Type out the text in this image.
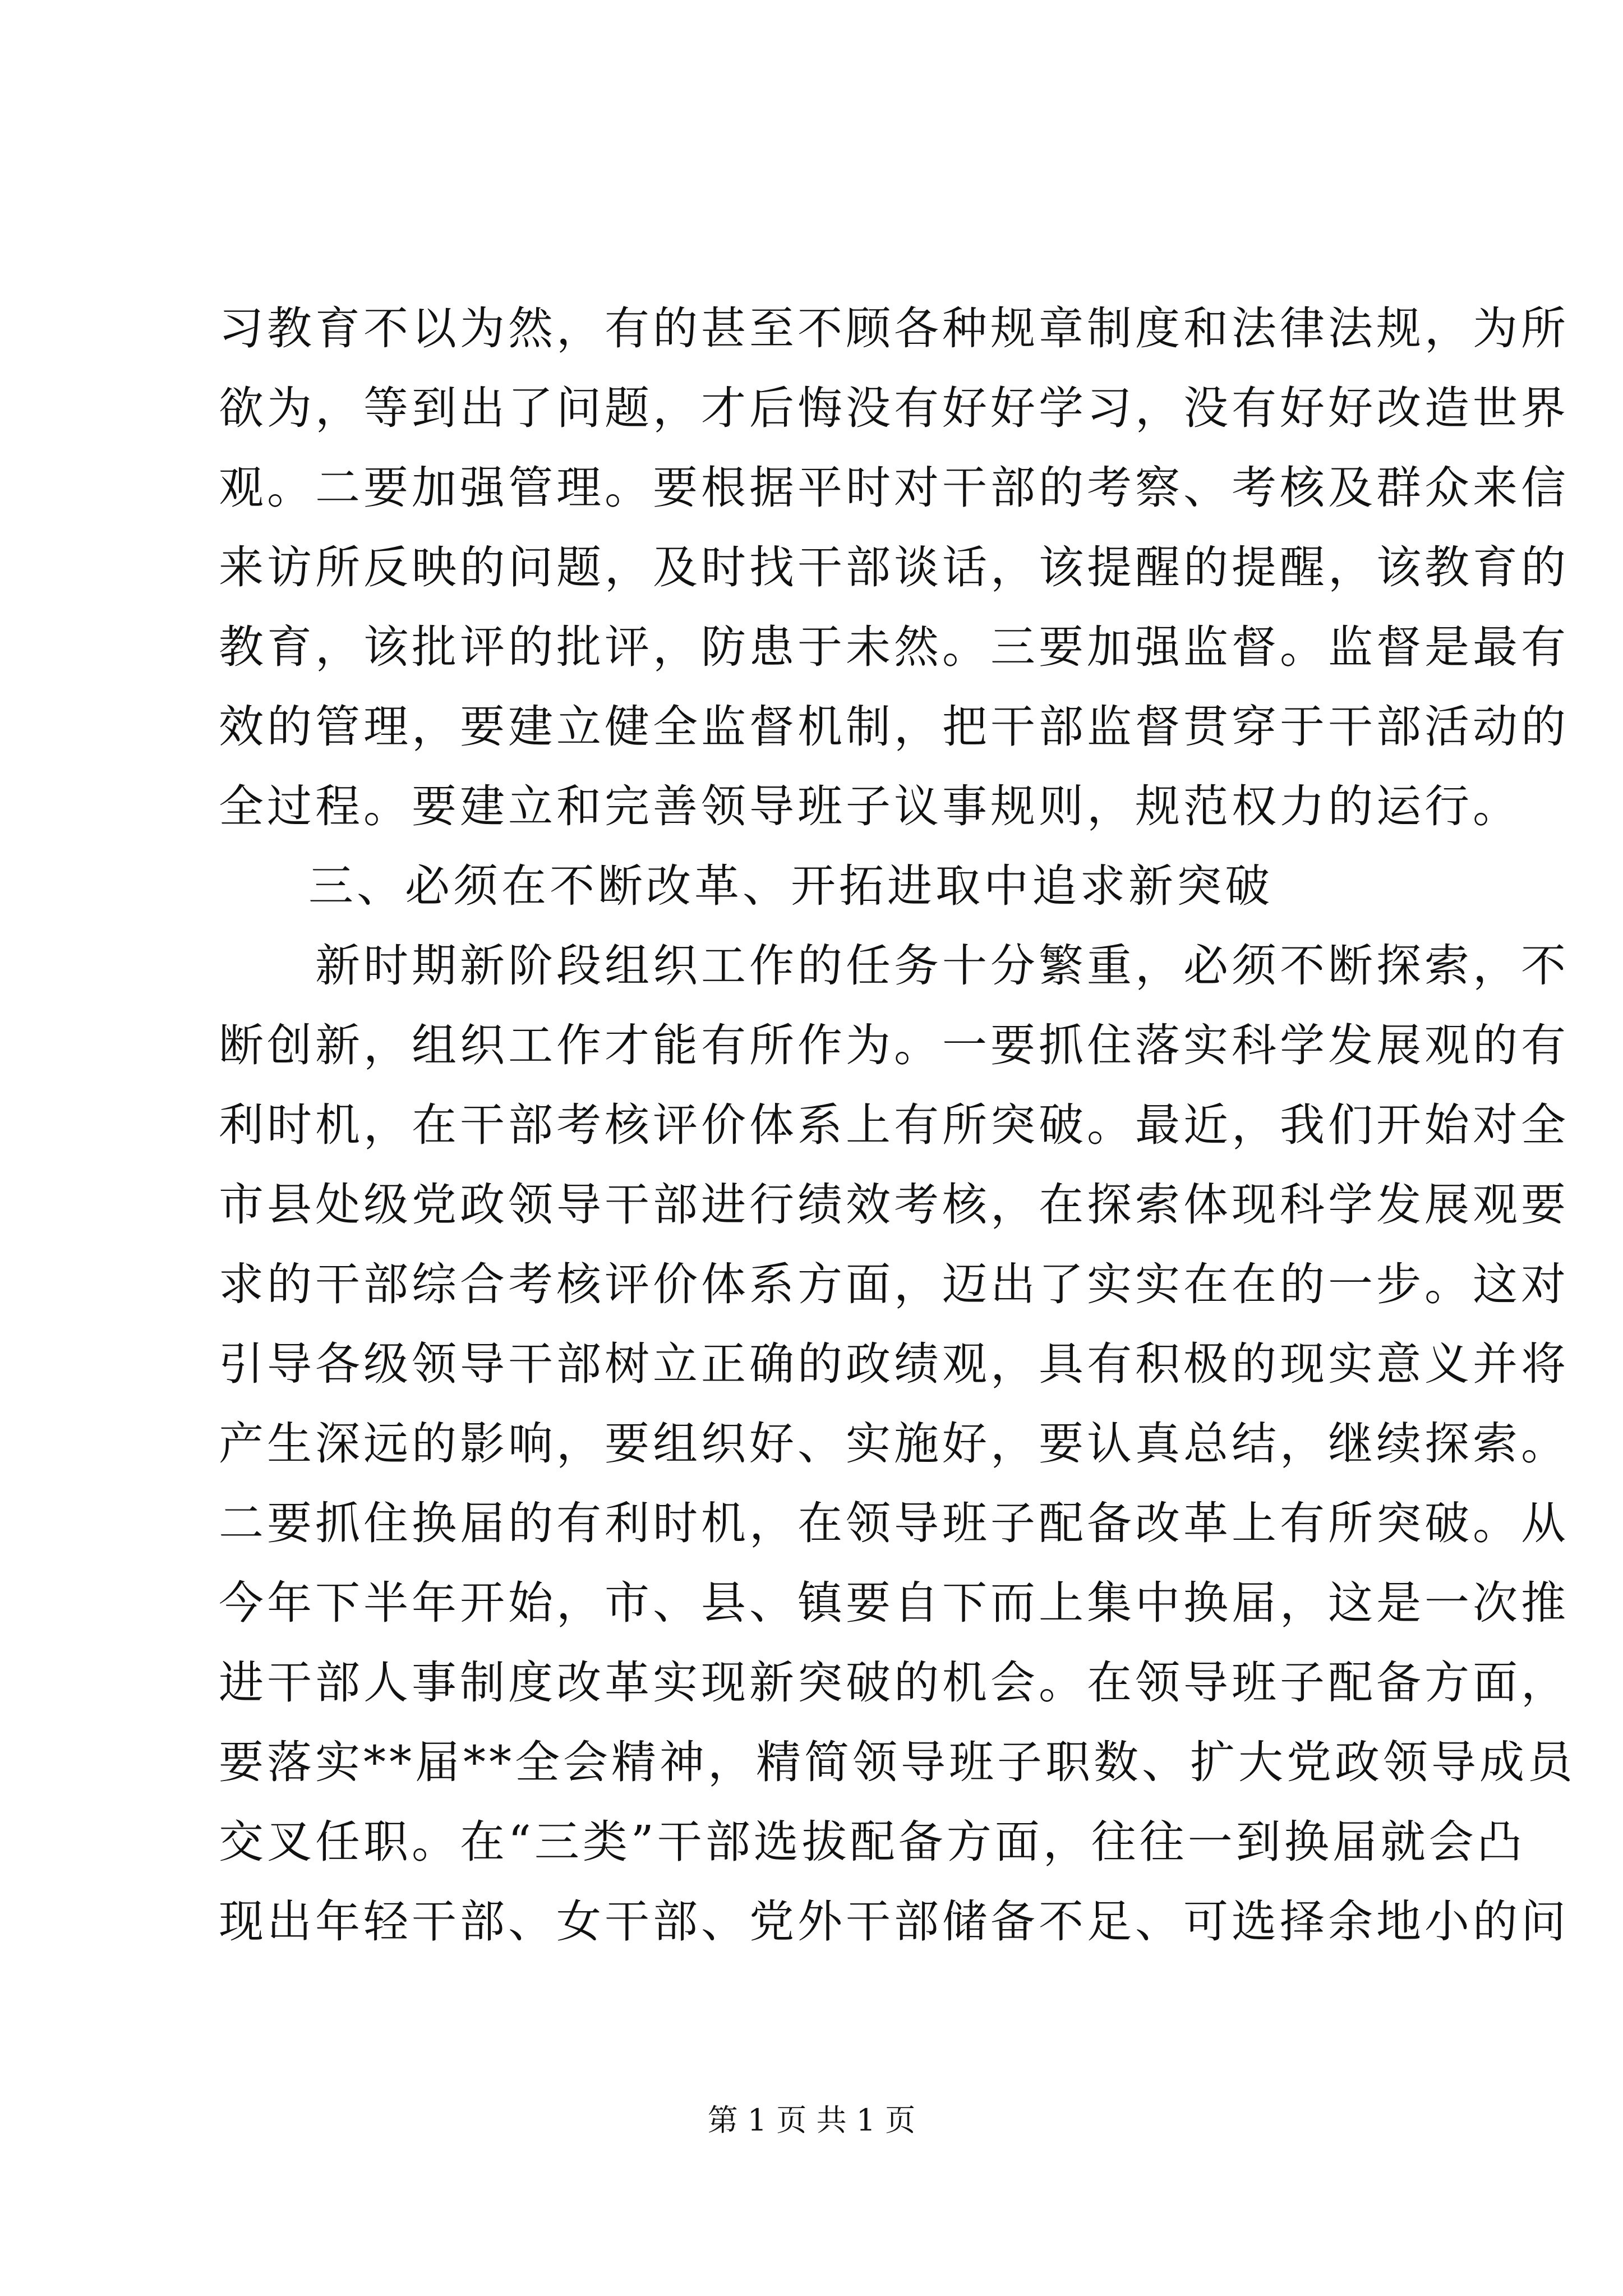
习教育不以为然，有的甚至不顾各种规章制度和法律法规，为所
欲为，等到出了问题，才后悔没有好好学习，没有好好改造世界
观。二要加强管理。要根据平时对干部的考察、考核及群众来信
来访所反映的问题，及时找干部谈话，该提醒的提醒，该教育的
教育，该批评的批评，防患于未然。三要加强监督。监督是最有
效的管理，要建立健全监督机制，把干部监督贯穿于干部活动的
全过程。要建立和完善领导班子议事规则，规范权力的运行。
三、必须在不断改革、开拓进取中追求新突破
　　新时期新阶段组织工作的任务十分繁重，必须不断探索，不
断创新，组织工作才能有所作为。一要抓住落实科学发展观的有
利时机，在干部考核评价体系上有所突破。最近，我们开始对全
市县处级党政领导干部进行绩效考核，在探索体现科学发展观要
求的干部综合考核评价体系方面，迈出了实实在在的一步。这对
引导各级领导干部树立正确的政绩观，具有积极的现实意义并将
产生深远的影响，要组织好、实施好，要认真总结，继续探索。
二要抓住换届的有利时机，在领导班子配备改革上有所突破。从
今年下半年开始，市、县、镇要自下而上集中换届，这是一次推
进干部人事制度改革实现新突破的机会。在领导班子配备方面，
要落实**届**全会精神，精简领导班子职数、扩大党政领导成员
交叉任职。在“三类”干部选拔配备方面，往往一到换届就会凸
现出年轻干部、女干部、党外干部储备不足、可选择余地小的问
第 1 页 共 1 页
